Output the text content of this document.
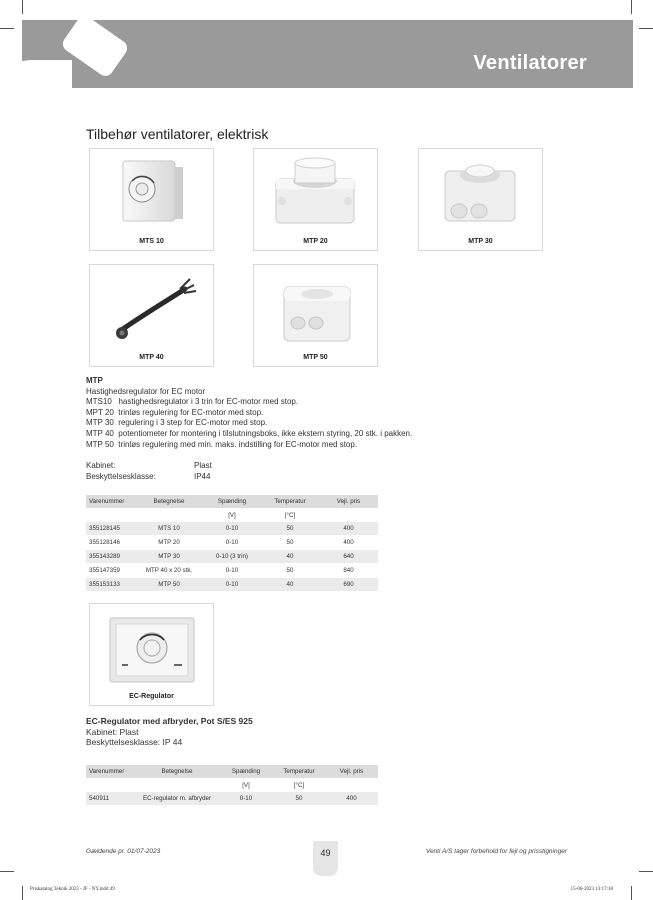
Ventilatorer
Tilbehør ventilatorer, elektrisk
MTS 10	MTP 20	MTP 30
MTP 40	MTP 50
MTP
Hastighedsregulator for EC motor
MTS10   hastighedsregulator i 3 trin for EC-motor med stop.
MPT 20  trinløs regulering for EC-motor med stop.
MTP 30  regulering i 3 step for EC-motor med stop.
MTP 40  potentiometer for montering i tilslutningsboks, ikke ekstern styring, 20 stk. i pakken.
MTP 50  trinløs regulering med min. maks. indstilling for EC-motor med stop.
Kabinet:	Plast
Beskyttelsesklasse:	IP44
Varenummer	Betegnelse	Spænding	Temperatur	Vejl. pris
		[V]	[°C]	
355128145	MTS 10	0-10	50	400
355128146	MTP 20	0-10	50	400
355143289	MTP 30	0-10 (3 trin)	40	640
355147359	MTP 40 x 20 stk.	0-10	50	840
355153133	MTP 50	0-10	40	690
EC-Regulator
EC-Regulator med afbryder, Pot S/ES 925
Kabinet: Plast
Beskyttelsesklasse: IP 44
Varenummer	Betegnelse	Spænding	Temperatur	Vejl. pris
		[V]	[°C]	
540911	EC-regulator m. afbryder	0-10	50	400
Gældende pr. 01/07-2023	49	Venti A/S tager forbehold for fejl og prisstigninger
Priskatalog Teknik 2023 - JF - NY.indd 49	15-06-2023 13:17:18
